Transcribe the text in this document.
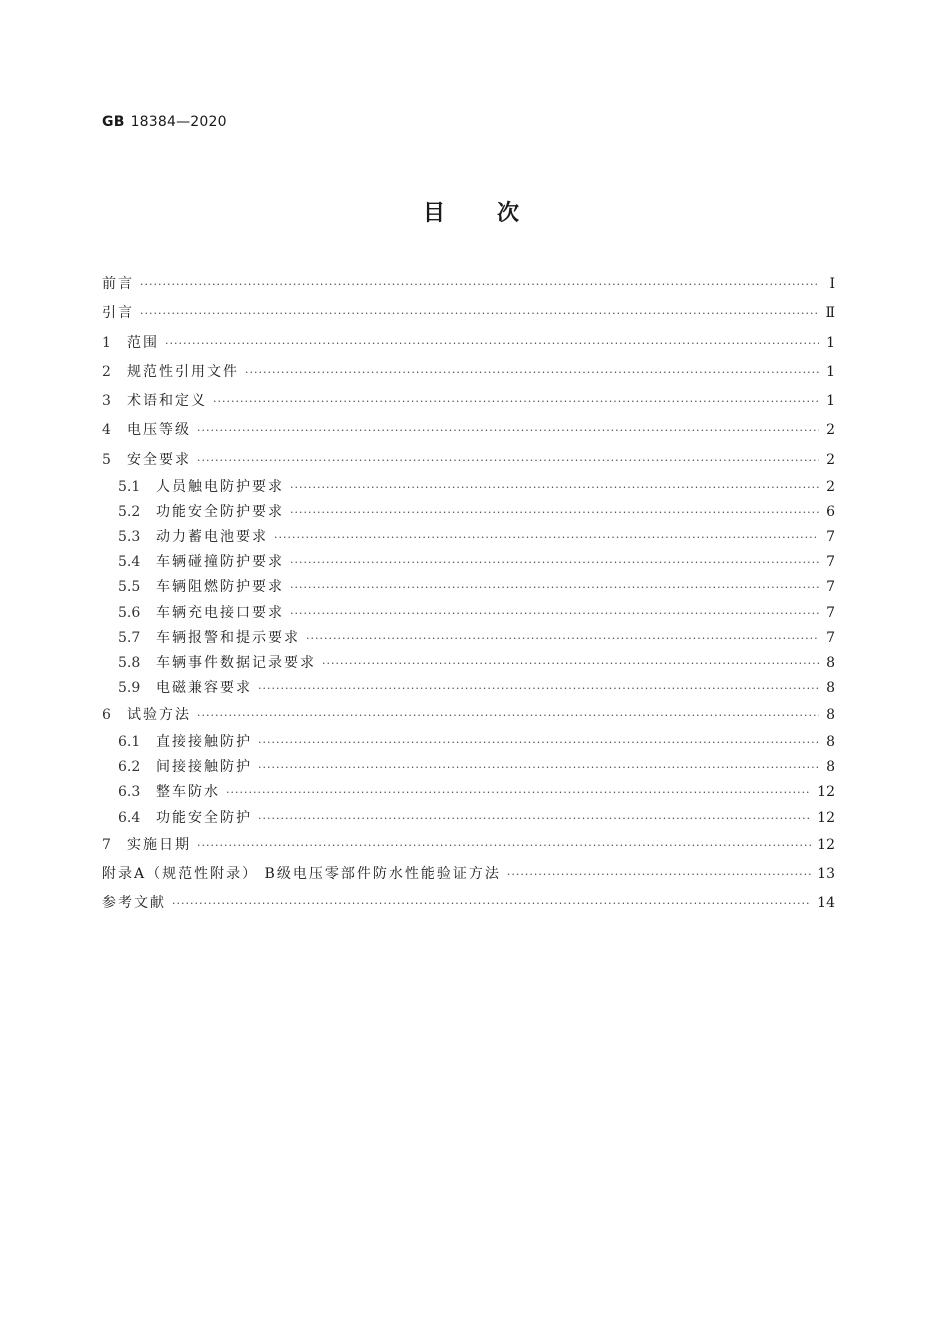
GB 18384—2020
目次
前言 ·····	Ⅰ
引言 ·····	Ⅱ
1	范围 ·····	1
2	规范性引用文件 ·····	1
3	术语和定义 ·····	1
4	电压等级 ·····	2
5	安全要求 ·····	2
5.1	人员触电防护要求 ·····	2
5.2	功能安全防护要求 ·····	6
5.3	动力蓄电池要求 ·····	7
5.4	车辆碰撞防护要求 ·····	7
5.5	车辆阻燃防护要求 ·····	7
5.6	车辆充电接口要求 ·····	7
5.7	车辆报警和提示要求 ·····	7
5.8	车辆事件数据记录要求 ·····	8
5.9	电磁兼容要求 ·····	8
6	试验方法 ·····	8
6.1	直接接触防护 ·····	8
6.2	间接接触防护 ·····	8
6.3	整车防水 ·····	12
6.4	功能安全防护 ·····	12
7	实施日期 ·····	12
附录A（规范性附录） B级电压零部件防水性能验证方法 ·····	13
参考文献 ·····	14
